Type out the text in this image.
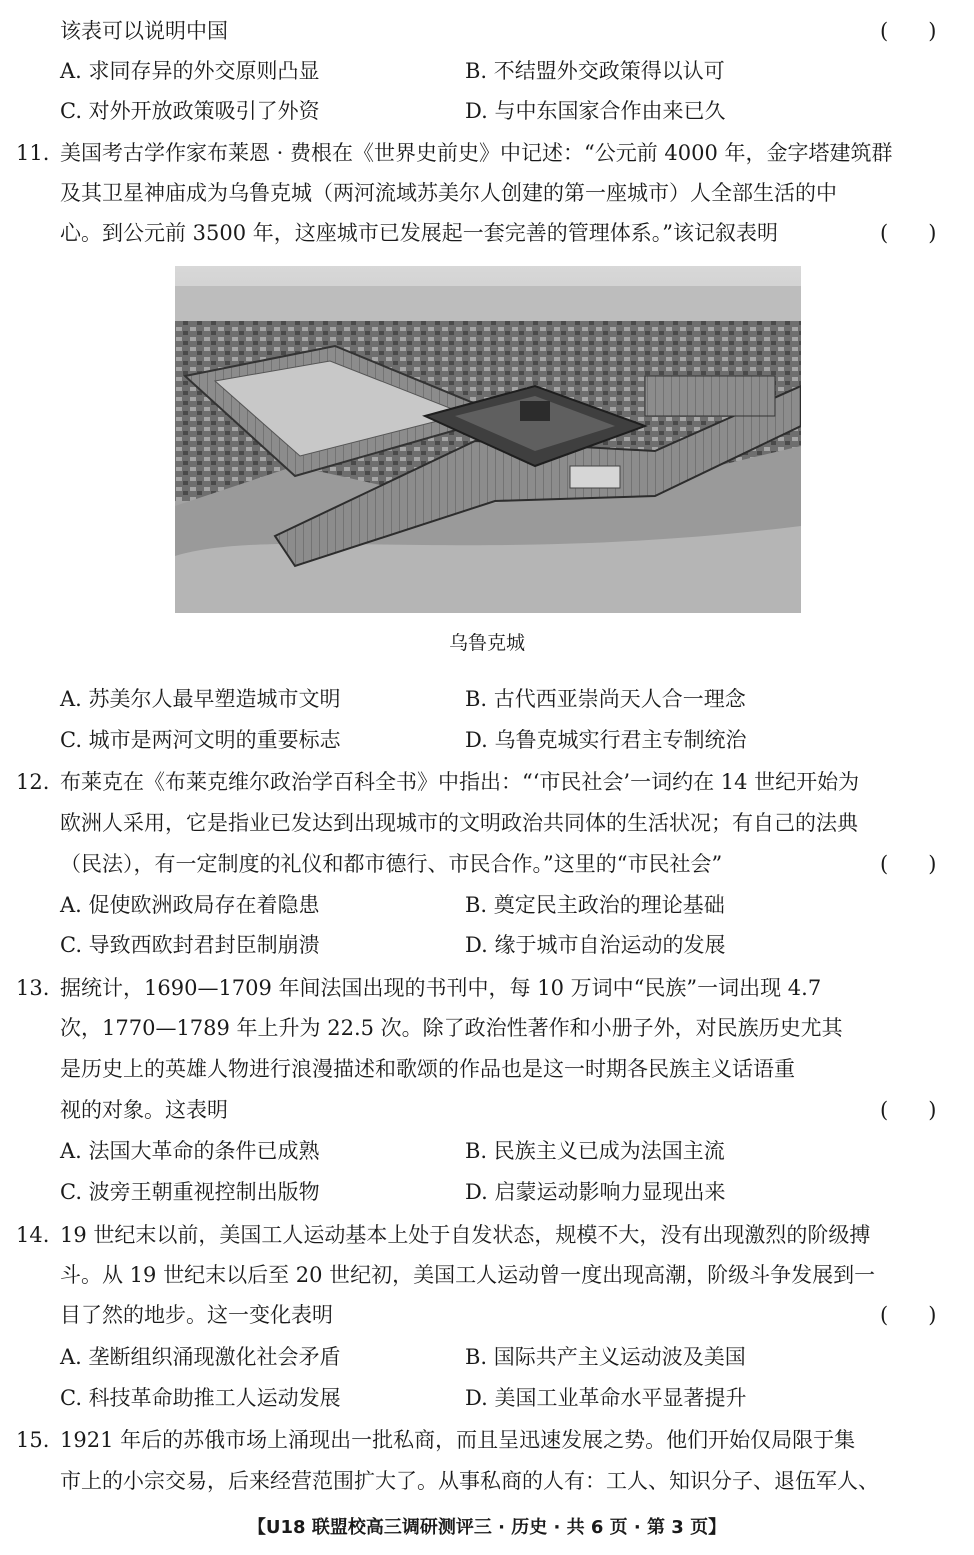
该表可以说明中国	(      )
A. 求同存异的外交原则凸显	B. 不结盟外交政策得以认可
C. 对外开放政策吸引了外资	D. 与中东国家合作由来已久
11. 美国考古学作家布莱恩 · 费根在《世界史前史》中记述：“公元前 4000 年，金字塔建筑群
及其卫星神庙成为乌鲁克城（两河流域苏美尔人创建的第一座城市）人全部生活的中
心。到公元前 3500 年，这座城市已发展起一套完善的管理体系。”该记叙表明	(      )
乌鲁克城
A. 苏美尔人最早塑造城市文明	B. 古代西亚崇尚天人合一理念
C. 城市是两河文明的重要标志	D. 乌鲁克城实行君主专制统治
12. 布莱克在《布莱克维尔政治学百科全书》中指出：“‘市民社会’一词约在 14 世纪开始为
欧洲人采用，它是指业已发达到出现城市的文明政治共同体的生活状况；有自己的法典
（民法），有一定制度的礼仪和都市德行、市民合作。”这里的“市民社会”	(      )
A. 促使欧洲政局存在着隐患	B. 奠定民主政治的理论基础
C. 导致西欧封君封臣制崩溃	D. 缘于城市自治运动的发展
13. 据统计，1690—1709 年间法国出现的书刊中，每 10 万词中“民族”一词出现 4.7
次，1770—1789 年上升为 22.5 次。除了政治性著作和小册子外，对民族历史尤其
是历史上的英雄人物进行浪漫描述和歌颂的作品也是这一时期各民族主义话语重
视的对象。这表明	(      )
A. 法国大革命的条件已成熟	B. 民族主义已成为法国主流
C. 波旁王朝重视控制出版物	D. 启蒙运动影响力显现出来
14. 19 世纪末以前，美国工人运动基本上处于自发状态，规模不大，没有出现激烈的阶级搏
斗。从 19 世纪末以后至 20 世纪初，美国工人运动曾一度出现高潮，阶级斗争发展到一
目了然的地步。这一变化表明	(      )
A. 垄断组织涌现激化社会矛盾	B. 国际共产主义运动波及美国
C. 科技革命助推工人运动发展	D. 美国工业革命水平显著提升
15. 1921 年后的苏俄市场上涌现出一批私商，而且呈迅速发展之势。他们开始仅局限于集
市上的小宗交易，后来经营范围扩大了。从事私商的人有：工人、知识分子、退伍军人、
【U18 联盟校高三调研测评三 · 历史 · 共 6 页 · 第 3 页】
